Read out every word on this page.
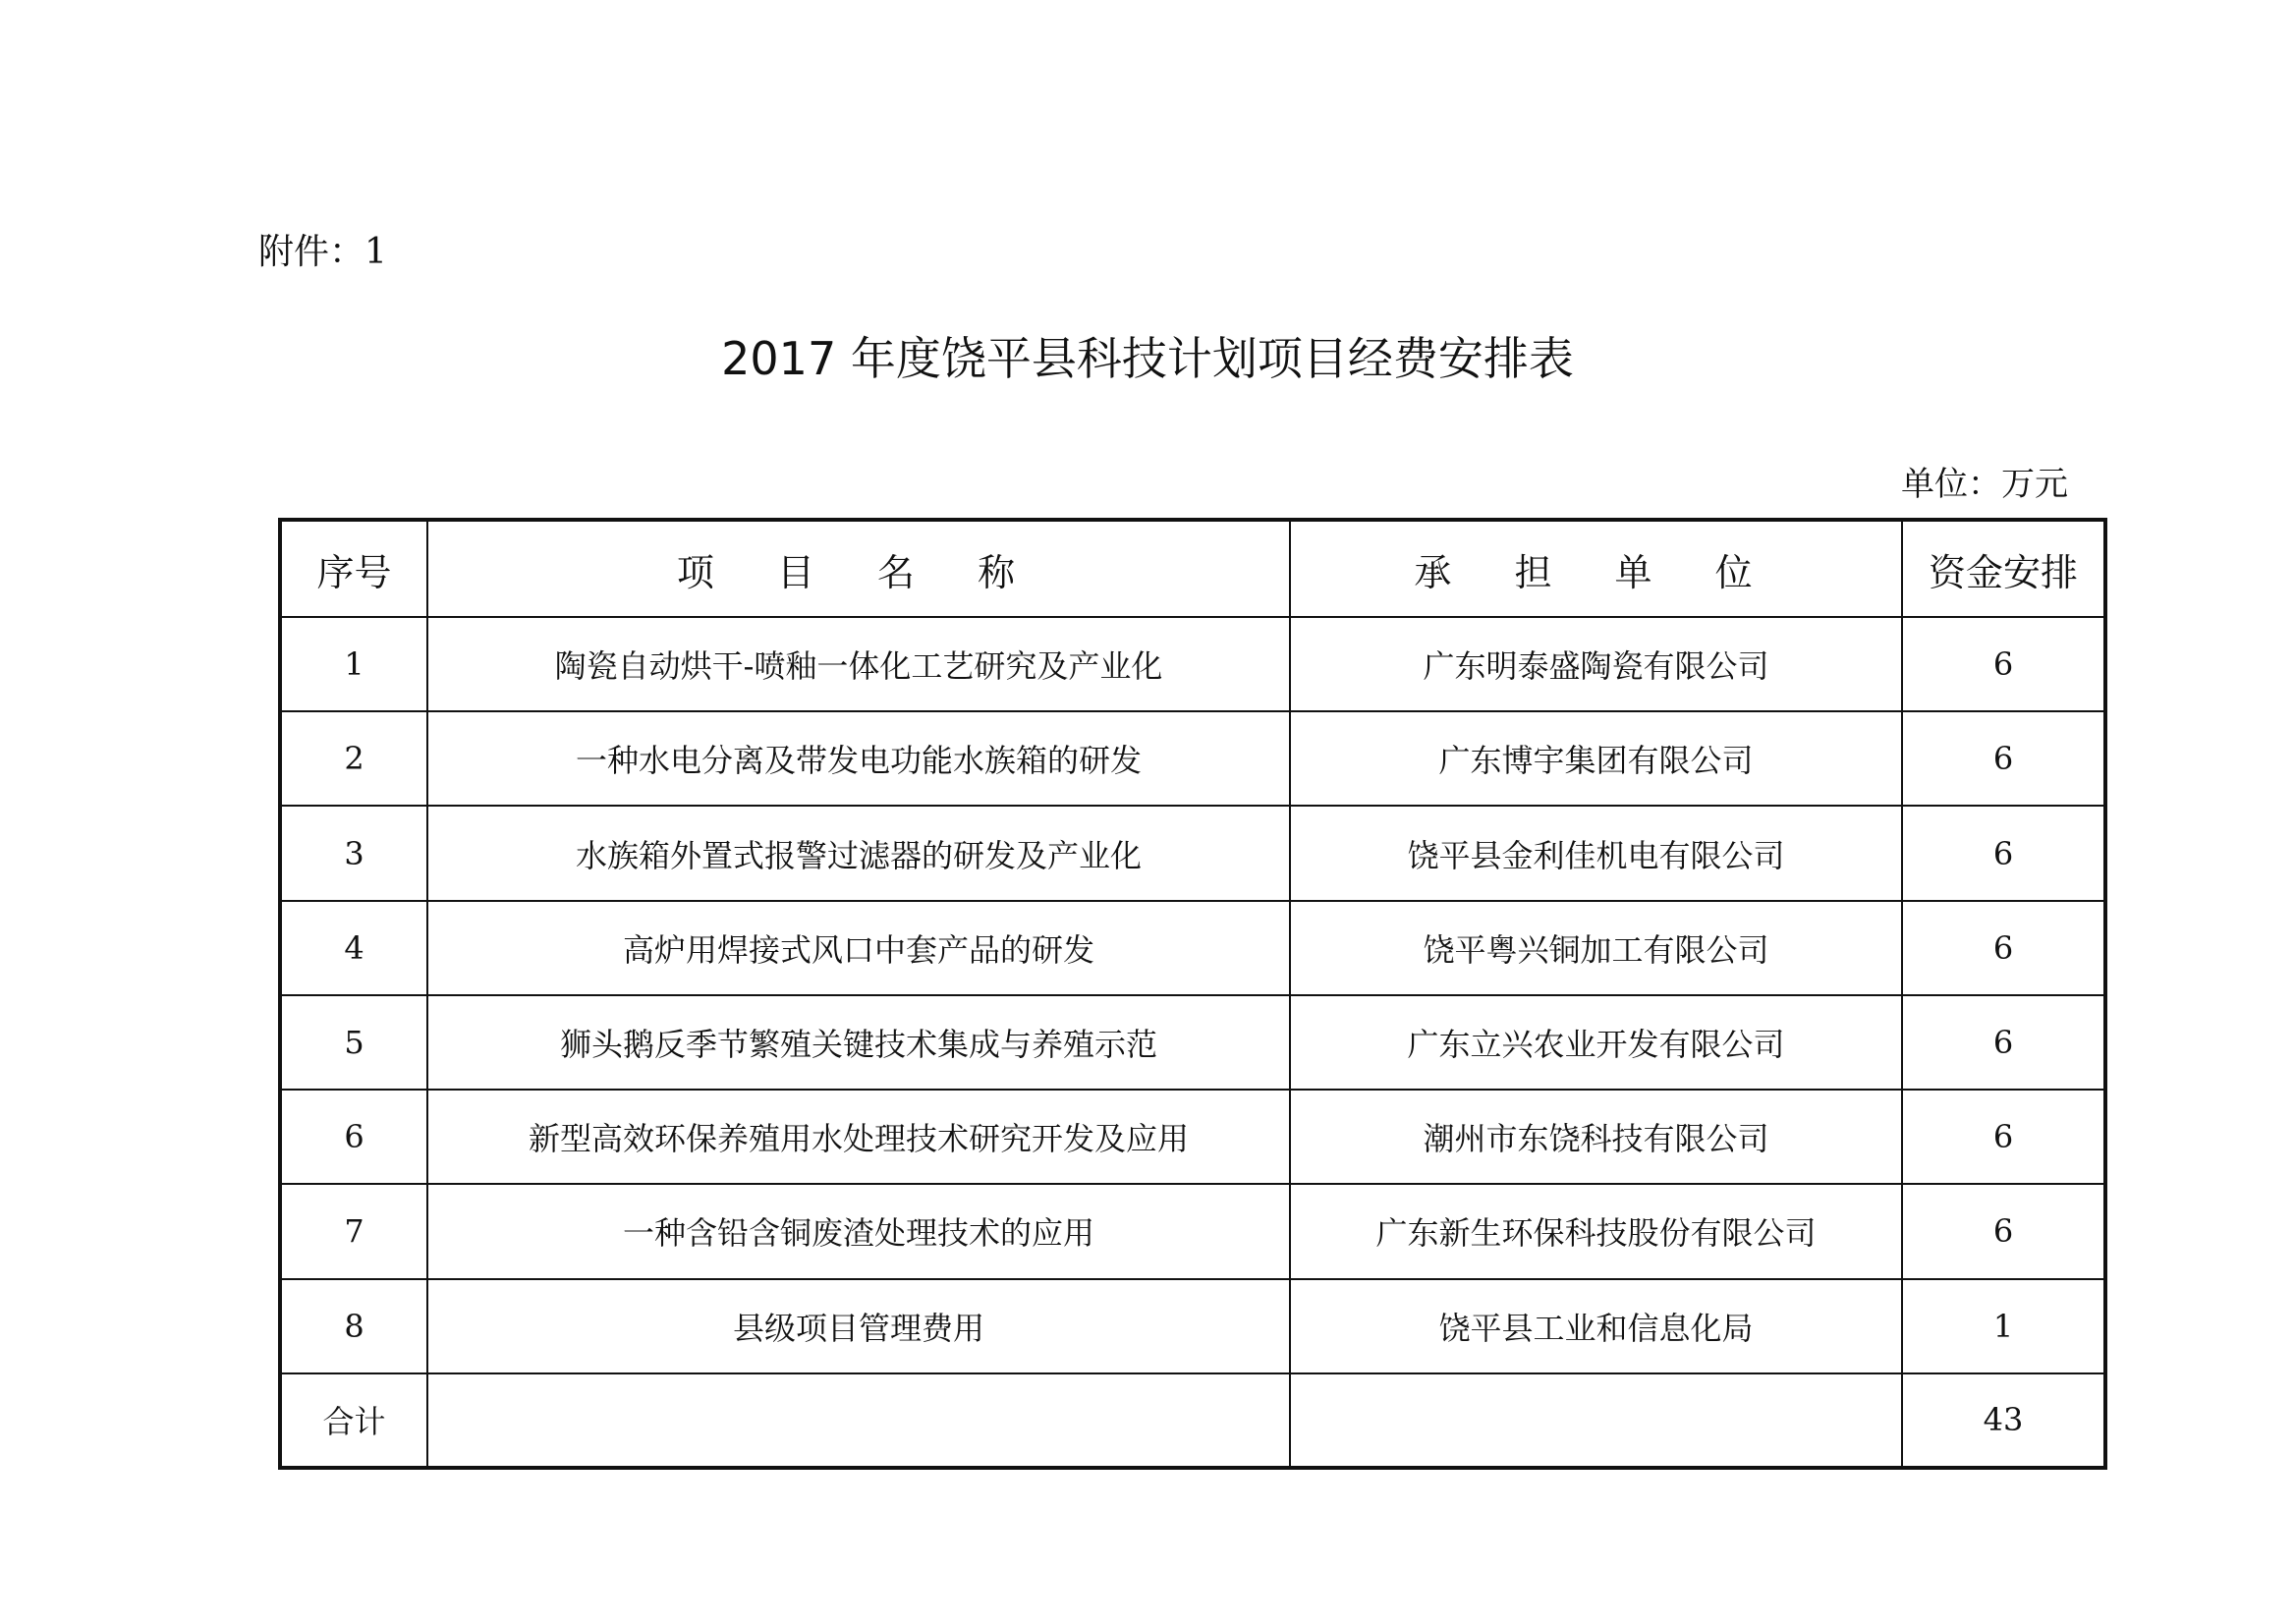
附件：1
2017 年度饶平县科技计划项目经费安排表
单位：万元
序号	项 目 名 称	承 担 单 位	资金安排
1	陶瓷自动烘干-喷釉一体化工艺研究及产业化	广东明泰盛陶瓷有限公司	6
2	一种水电分离及带发电功能水族箱的研发	广东博宇集团有限公司	6
3	水族箱外置式报警过滤器的研发及产业化	饶平县金利佳机电有限公司	6
4	高炉用焊接式风口中套产品的研发	饶平粤兴铜加工有限公司	6
5	狮头鹅反季节繁殖关键技术集成与养殖示范	广东立兴农业开发有限公司	6
6	新型高效环保养殖用水处理技术研究开发及应用	潮州市东饶科技有限公司	6
7	一种含铅含铜废渣处理技术的应用	广东新生环保科技股份有限公司	6
8	县级项目管理费用	饶平县工业和信息化局	1
合计			43
